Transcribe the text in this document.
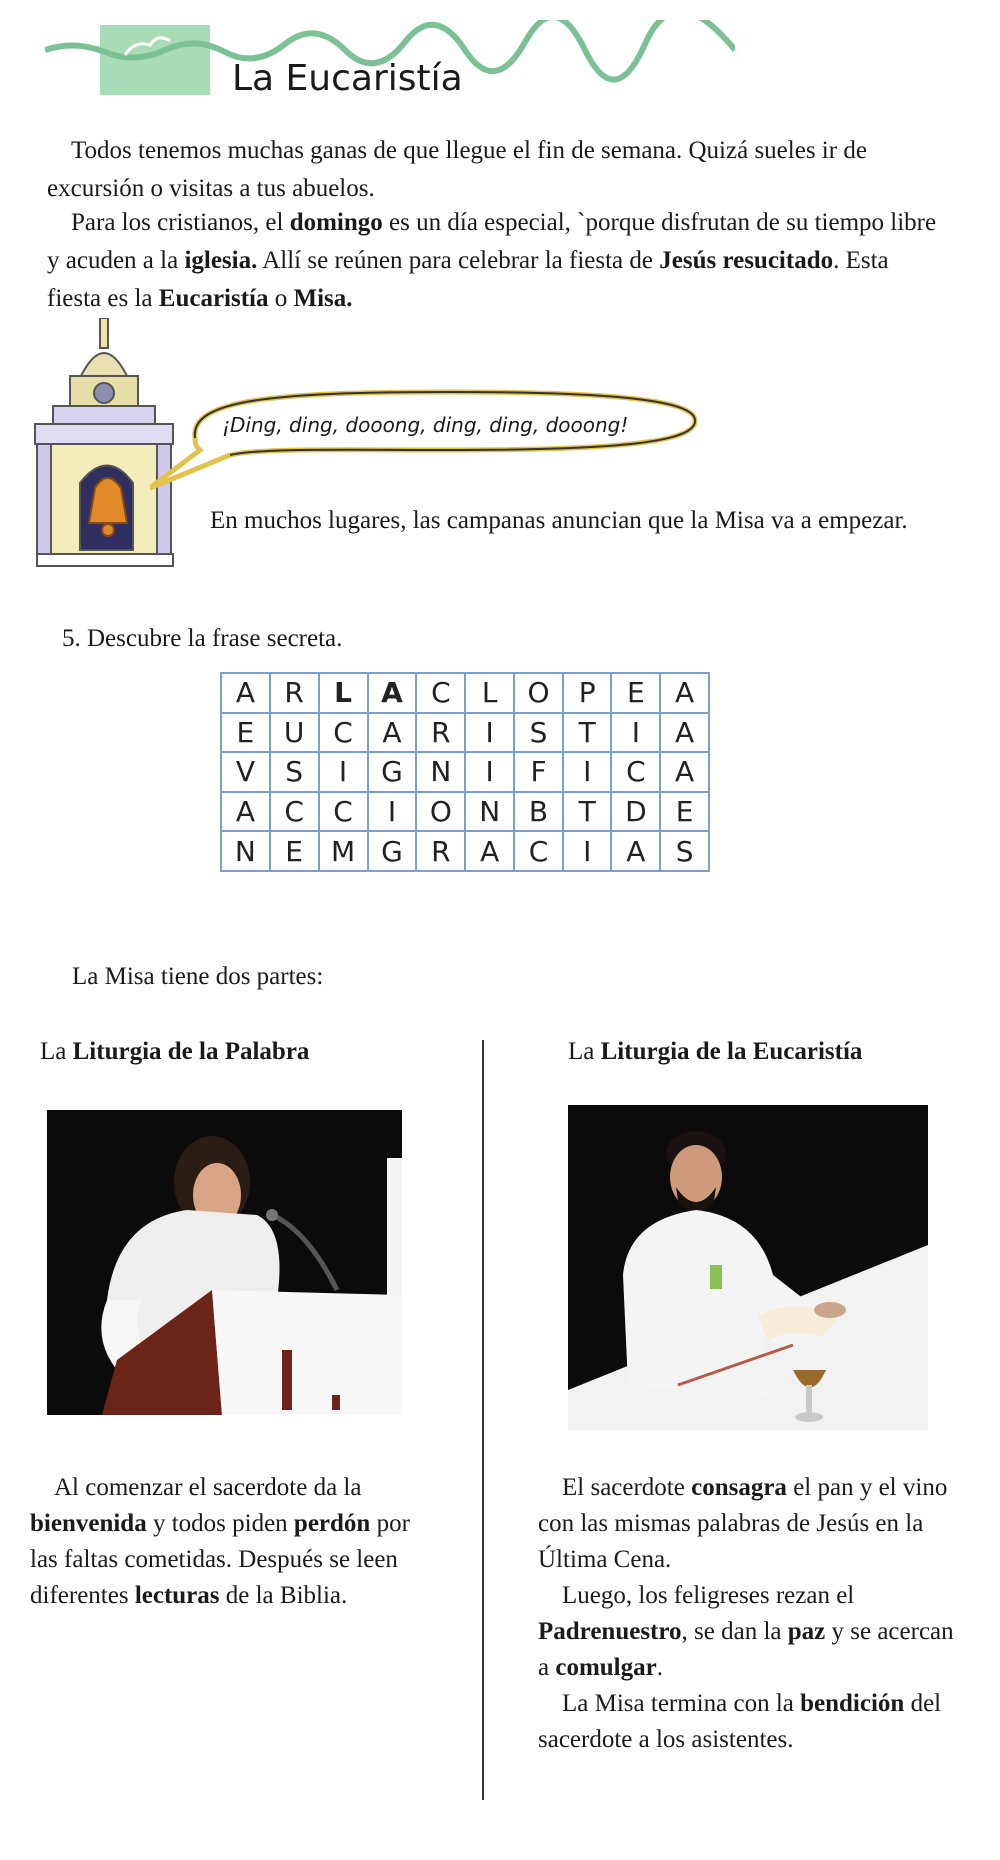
La Eucaristía
Todos tenemos muchas ganas de que llegue el fin de semana. Quizá sueles ir de excursión o visitas a tus abuelos.
Para los cristianos, el domingo es un día especial, `porque disfrutan de su tiempo libre y acuden a la iglesia. Allí se reúnen para celebrar la fiesta de Jesús resucitado. Esta fiesta es la Eucaristía o Misa.
¡Ding, ding, dooong, ding, ding, dooong!
En muchos lugares, las campanas anuncian que la Misa va a empezar.
5. Descubre la frase secreta.
A	R	L	A	C	L	O	P	E	A
E	U	C	A	R	I	S	T	I	A
V	S	I	G	N	I	F	I	C	A
A	C	C	I	O	N	B	T	D	E
N	E	M	G	R	A	C	I	A	S
La Misa tiene dos partes:
La Liturgia de la Palabra
Al comenzar el sacerdote da la bienvenida y todos piden perdón por las faltas cometidas. Después se leen diferentes lecturas de la Biblia.
La Liturgia de la Eucaristía
El sacerdote consagra el pan y el vino con las mismas palabras de Jesús en la Última Cena.
Luego, los feligreses rezan el Padrenuestro, se dan la paz y se acercan a comulgar.
La Misa termina con la bendición del sacerdote a los asistentes.
